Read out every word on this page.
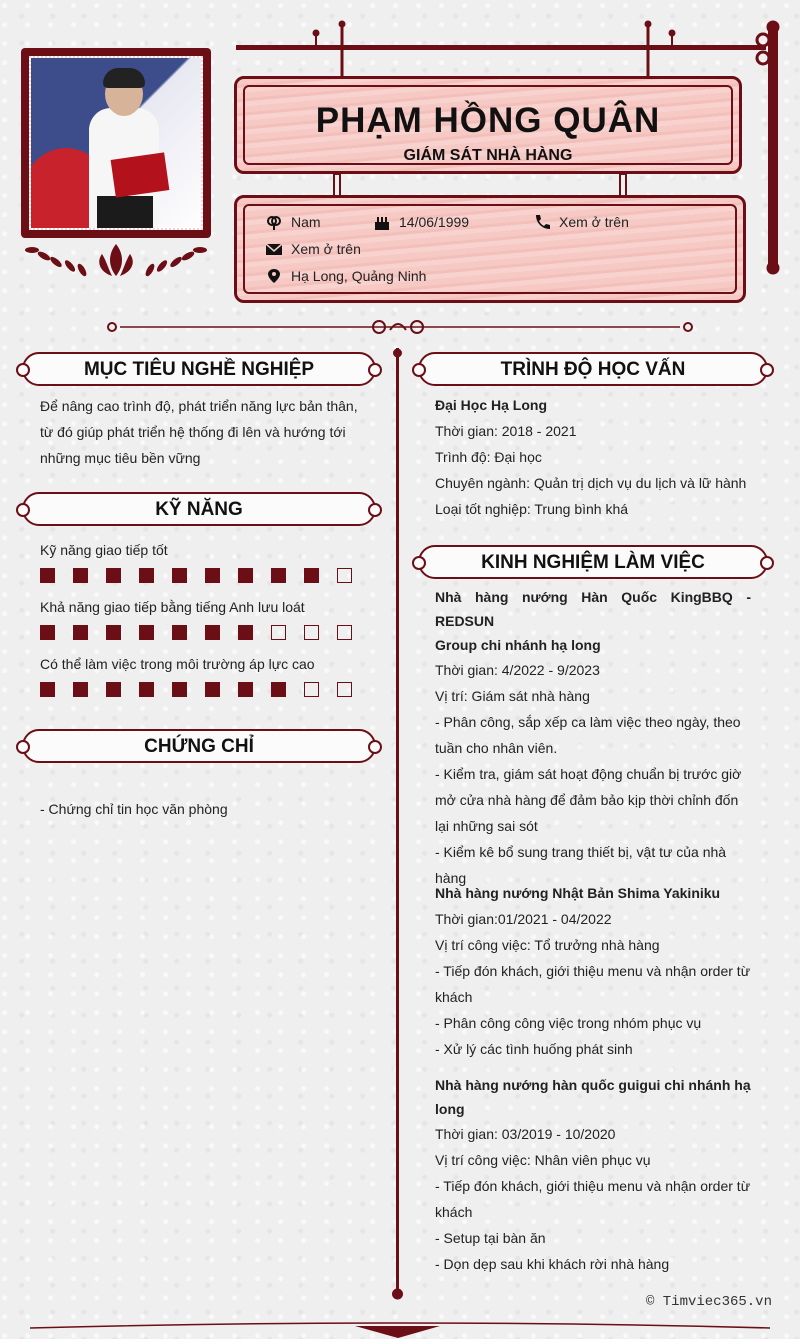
PHẠM HỒNG QUÂN
GIÁM SÁT NHÀ HÀNG
Nam	14/06/1999	Xem ở trên
Xem ở trên
Hạ Long, Quảng Ninh
MỤC TIÊU NGHỀ NGHIỆP
Để nâng cao trình độ, phát triển năng lực bản thân,
từ đó giúp phát triển hệ thống đi lên và hướng tới
những mục tiêu bền vững
KỸ NĂNG
Kỹ năng giao tiếp tốt
Khả năng giao tiếp bằng tiếng Anh lưu loát
Có thể làm việc trong môi trường áp lực cao
CHỨNG CHỈ
- Chứng chỉ tin học văn phòng
TRÌNH ĐỘ HỌC VẤN
Đại Học Hạ Long
Thời gian: 2018 - 2021
Trình độ: Đại học
Chuyên ngành: Quản trị dịch vụ du lịch và lữ hành
Loại tốt nghiệp: Trung bình khá
KINH NGHIỆM LÀM VIỆC
Nhà hàng nướng Hàn Quốc KingBBQ - REDSUN
Group chi nhánh hạ long
Thời gian: 4/2022 - 9/2023
Vị trí: Giám sát nhà hàng
- Phân công, sắp xếp ca làm việc theo ngày, theo
tuần cho nhân viên.
- Kiểm tra, giám sát hoạt động chuẩn bị trước giờ
mở cửa nhà hàng để đảm bảo kịp thời chỉnh đốn
lại những sai sót
- Kiểm kê bổ sung trang thiết bị, vật tư của nhà
hàng
Nhà hàng nướng Nhật Bản Shima Yakiniku
Thời gian:01/2021 - 04/2022
Vị trí công việc: Tổ trưởng nhà hàng
- Tiếp đón khách, giới thiệu menu và nhận order từ
khách
- Phân công công việc trong nhóm phục vụ
- Xử lý các tình huống phát sinh
Nhà hàng nướng hàn quốc guigui chi nhánh hạ
long
Thời gian: 03/2019 - 10/2020
Vị trí công việc: Nhân viên phục vụ
- Tiếp đón khách, giới thiệu menu và nhận order từ
khách
- Setup tại bàn ăn
- Dọn dẹp sau khi khách rời nhà hàng
© Timviec365.vn
